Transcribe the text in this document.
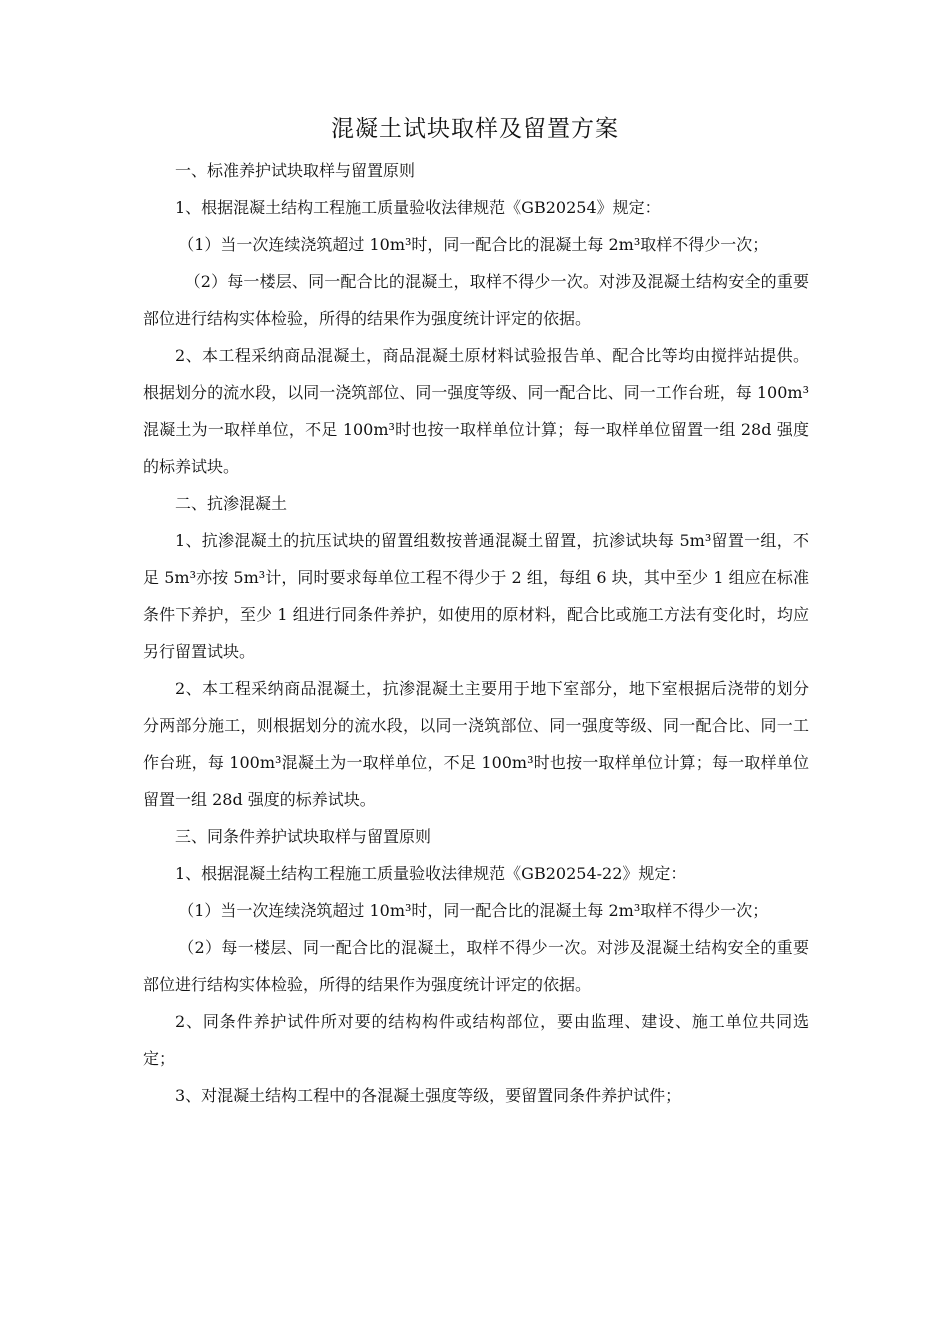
混凝土试块取样及留置方案

一、标准养护试块取样与留置原则

1、根据混凝土结构工程施工质量验收法律规范《GB20254》规定：

（1）当一次连续浇筑超过 10m³时，同一配合比的混凝土每 2m³取样不得少一次；

（2）每一楼层、同一配合比的混凝土，取样不得少一次。对涉及混凝土结构安全的重要部位进行结构实体检验，所得的结果作为强度统计评定的依据。

2、本工程采纳商品混凝土，商品混凝土原材料试验报告单、配合比等均由搅拌站提供。根据划分的流水段，以同一浇筑部位、同一强度等级、同一配合比、同一工作台班，每 100m³混凝土为一取样单位，不足 100m³时也按一取样单位计算；每一取样单位留置一组 28d 强度的标养试块。

二、抗渗混凝土

1、抗渗混凝土的抗压试块的留置组数按普通混凝土留置，抗渗试块每 5m³留置一组，不足 5m³亦按 5m³计，同时要求每单位工程不得少于 2 组，每组 6 块，其中至少 1 组应在标准条件下养护，至少 1 组进行同条件养护，如使用的原材料，配合比或施工方法有变化时，均应另行留置试块。

2、本工程采纳商品混凝土，抗渗混凝土主要用于地下室部分，地下室根据后浇带的划分分两部分施工，则根据划分的流水段，以同一浇筑部位、同一强度等级、同一配合比、同一工作台班，每 100m³混凝土为一取样单位，不足 100m³时也按一取样单位计算；每一取样单位留置一组 28d 强度的标养试块。

三、同条件养护试块取样与留置原则

1、根据混凝土结构工程施工质量验收法律规范《GB20254-22》规定：

（1）当一次连续浇筑超过 10m³时，同一配合比的混凝土每 2m³取样不得少一次；

（2）每一楼层、同一配合比的混凝土，取样不得少一次。对涉及混凝土结构安全的重要部位进行结构实体检验，所得的结果作为强度统计评定的依据。

2、同条件养护试件所对要的结构构件或结构部位，要由监理、建设、施工单位共同选定；

3、对混凝土结构工程中的各混凝土强度等级，要留置同条件养护试件；
